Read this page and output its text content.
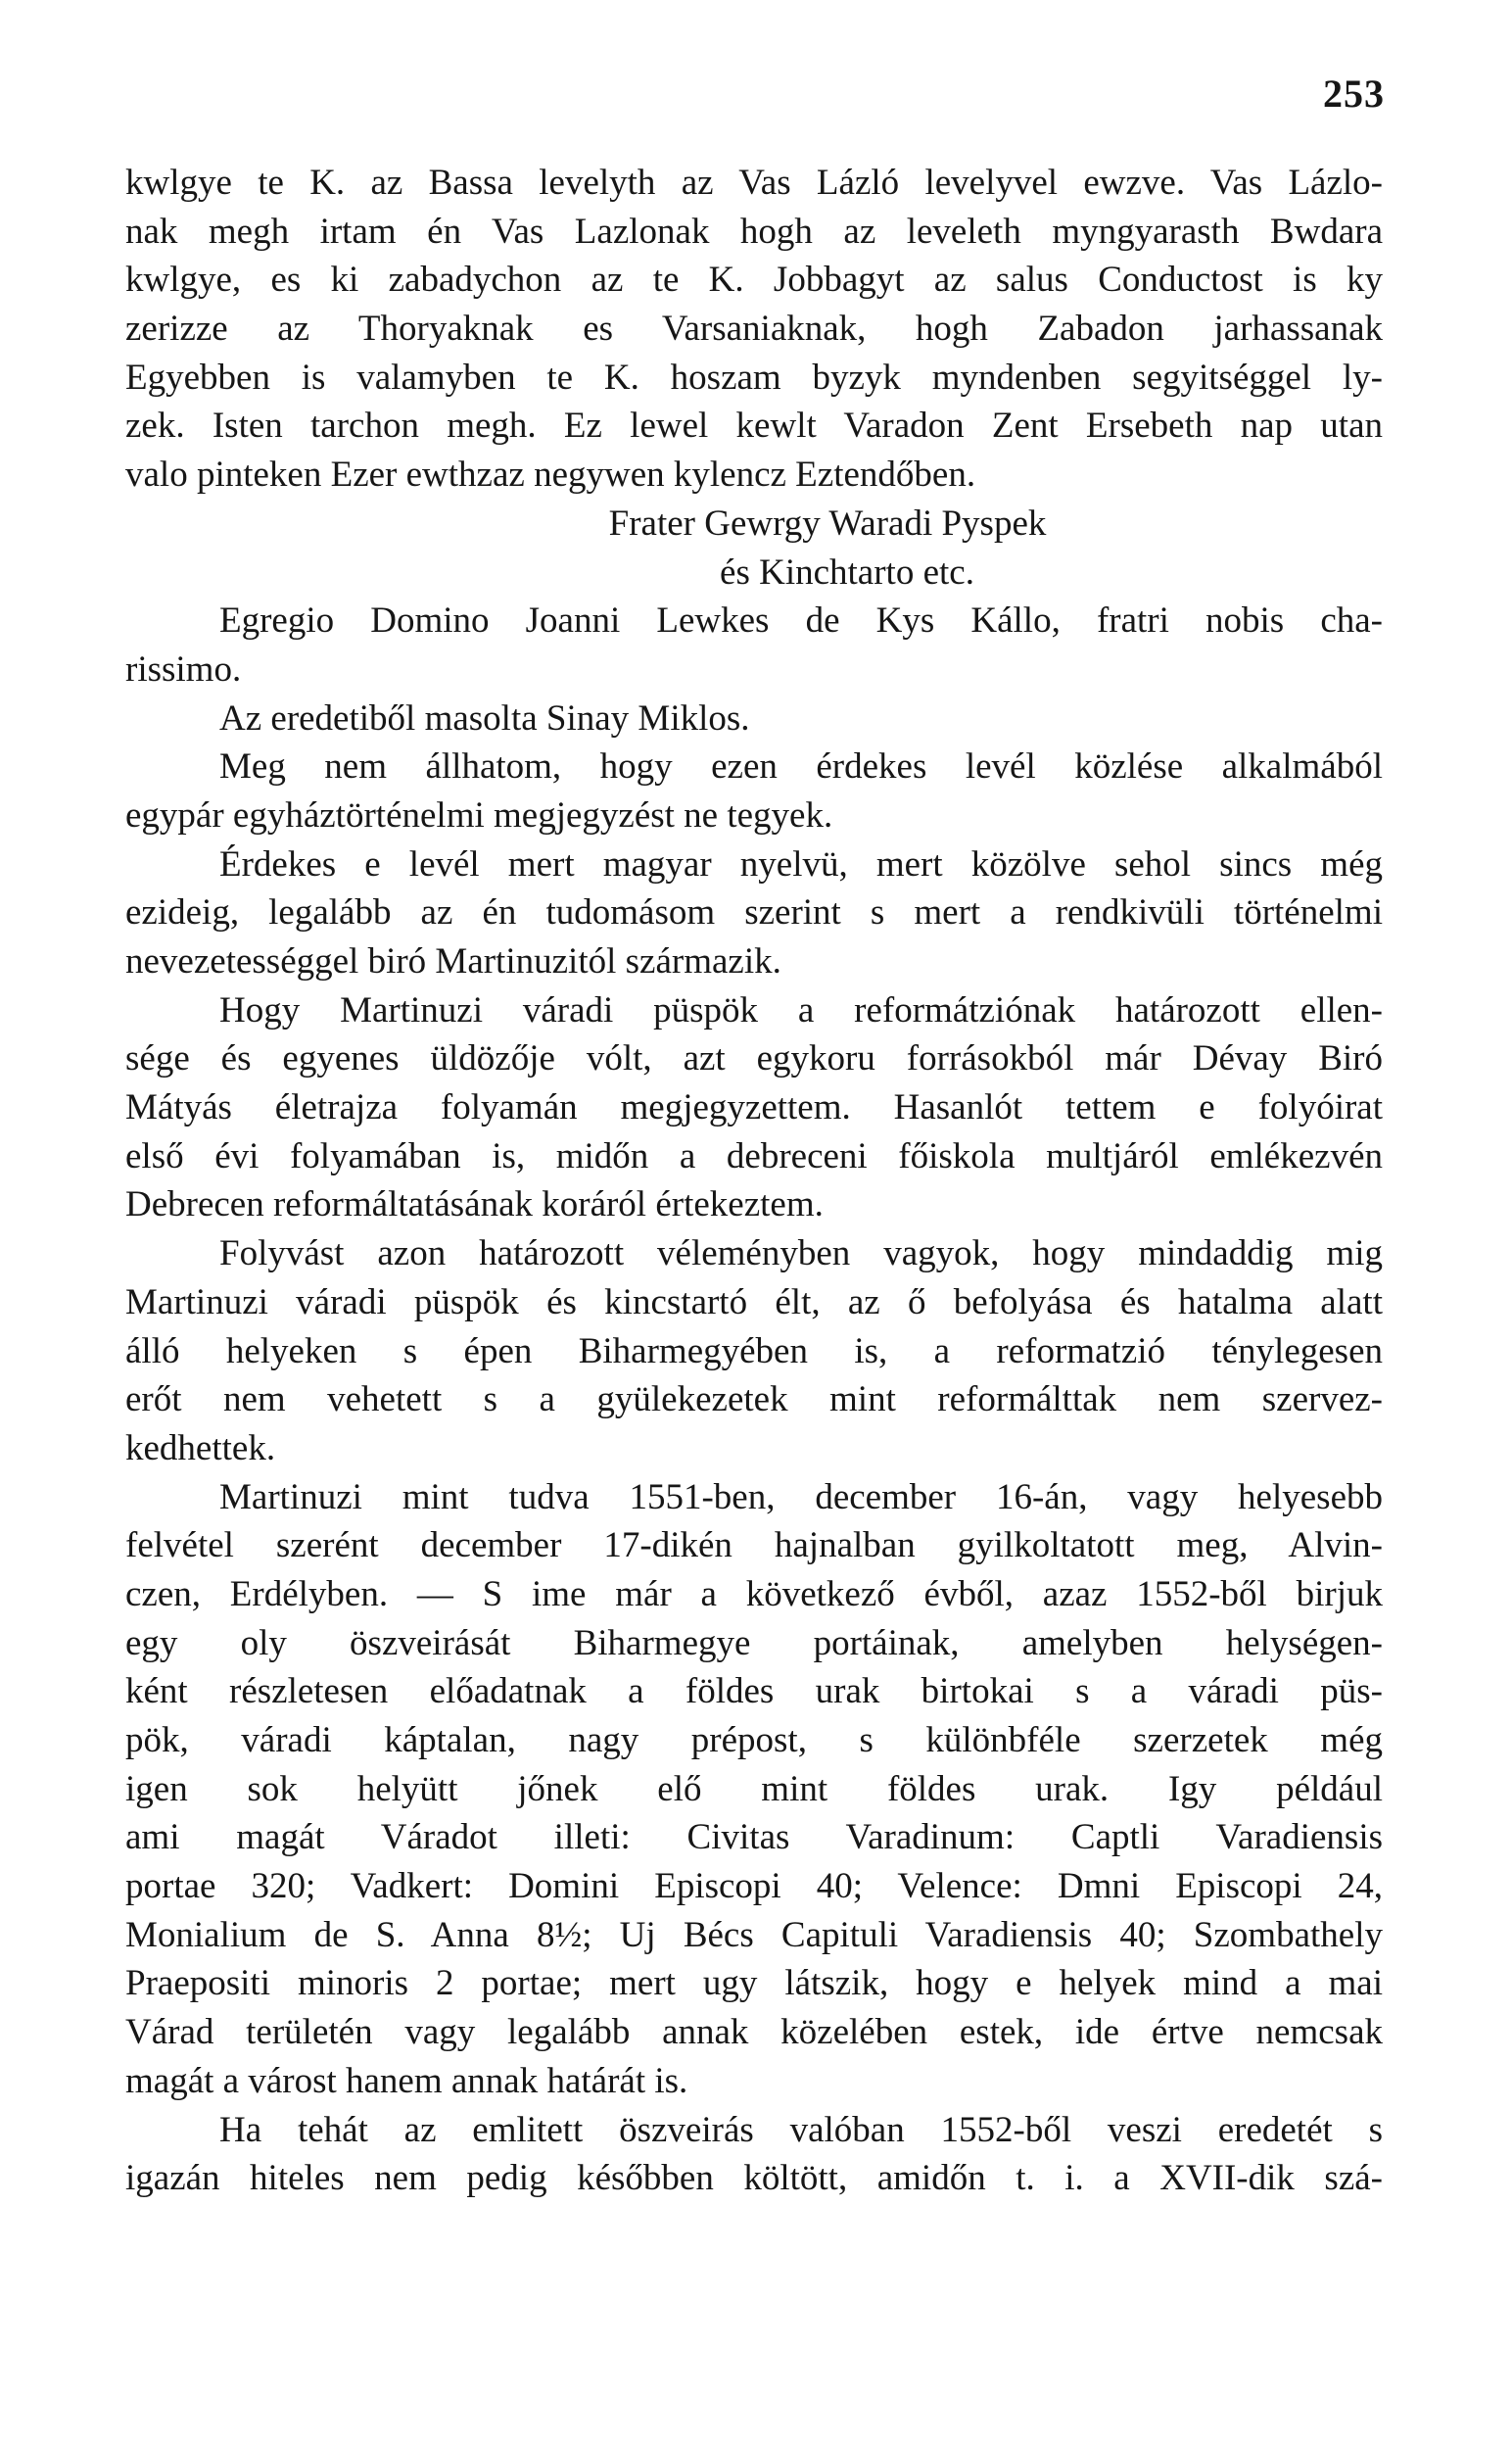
253
kwlgye te K. az Bassa levelyth az Vas Lázló levelyvel ewzve. Vas Lázlo-
nak megh irtam én Vas Lazlonak hogh az leveleth myngyarasth Bwdara
kwlgye, es ki zabadychon az te K. Jobbagyt az salus Conductost is ky
zerizze az Thoryaknak es Varsaniaknak, hogh Zabadon jarhassanak
Egyebben is valamyben te K. hoszam byzyk myndenben segyitséggel ly-
zek. Isten tarchon megh. Ez lewel kewlt Varadon Zent Ersebeth nap utan
valo pinteken Ezer ewthzaz negywen kylencz Eztendőben.
Frater Gewrgy Waradi Pyspek
és Kinchtarto etc.
Egregio Domino Joanni Lewkes de Kys Kállo, fratri nobis cha-
rissimo.
Az eredetiből masolta Sinay Miklos.
Meg nem állhatom, hogy ezen érdekes levél közlése alkalmából
egypár egyháztörténelmi megjegyzést ne tegyek.
Érdekes e levél mert magyar nyelvü, mert közölve sehol sincs még
ezideig, legalább az én tudomásom szerint s mert a rendkivüli történelmi
nevezetességgel biró Martinuzitól származik.
Hogy Martinuzi váradi püspök a reformátziónak határozott ellen-
sége és egyenes üldözője vólt, azt egykoru forrásokból már Dévay Biró
Mátyás életrajza folyamán megjegyzettem. Hasanlót tettem e folyóirat
első évi folyamában is, midőn a debreceni főiskola multjáról emlékezvén
Debrecen reformáltatásának koráról értekeztem.
Folyvást azon határozott véleményben vagyok, hogy mindaddig mig
Martinuzi váradi püspök és kincstartó élt, az ő befolyása és hatalma alatt
álló helyeken s épen Biharmegyében is, a reformatzió ténylegesen
erőt nem vehetett s a gyülekezetek mint reformálttak nem szervez-
kedhettek.
Martinuzi mint tudva 1551-ben, december 16-án, vagy helyesebb
felvétel szerént december 17-dikén hajnalban gyilkoltatott meg, Alvin-
czen, Erdélyben. — S ime már a következő évből, azaz 1552-ből birjuk
egy oly öszveirását Biharmegye portáinak, amelyben helységen-
ként részletesen előadatnak a földes urak birtokai s a váradi püs-
pök, váradi káptalan, nagy prépost, s különbféle szerzetek még
igen sok helyütt jőnek elő mint földes urak. Igy például
ami magát Váradot illeti: Civitas Varadinum: Captli Varadiensis
portae 320; Vadkert: Domini Episcopi 40; Velence: Dmni Episcopi 24,
Monialium de S. Anna 8½; Uj Bécs Capituli Varadiensis 40; Szombathely
Praepositi minoris 2 portae; mert ugy látszik, hogy e helyek mind a mai
Várad területén vagy legalább annak közelében estek, ide értve nemcsak
magát a várost hanem annak határát is.
Ha tehát az emlitett öszveirás valóban 1552-ből veszi eredetét s
igazán hiteles nem pedig későbben költött, amidőn t. i. a XVII-dik szá-
